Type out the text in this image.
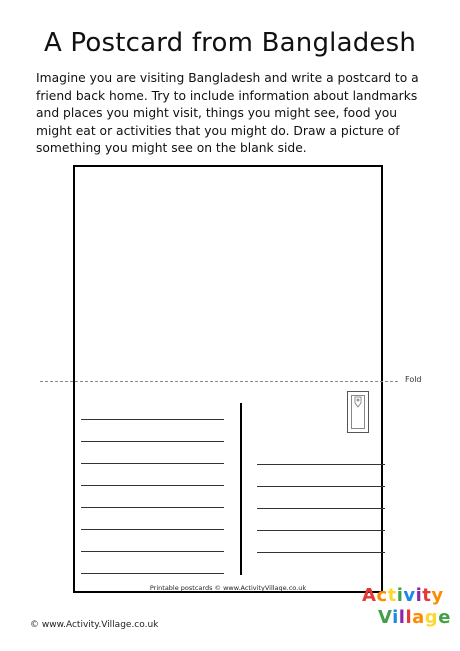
A Postcard from Bangladesh

Imagine you are visiting Bangladesh and write a postcard to a friend back home. Try to include information about landmarks and places you might visit, things you might see, food you might eat or activities that you might do. Draw a picture of something you might see on the blank side.

Fold
Printable postcards © www.ActivityVillage.co.uk
© www.Activity.Village.co.uk
Activity
Village
